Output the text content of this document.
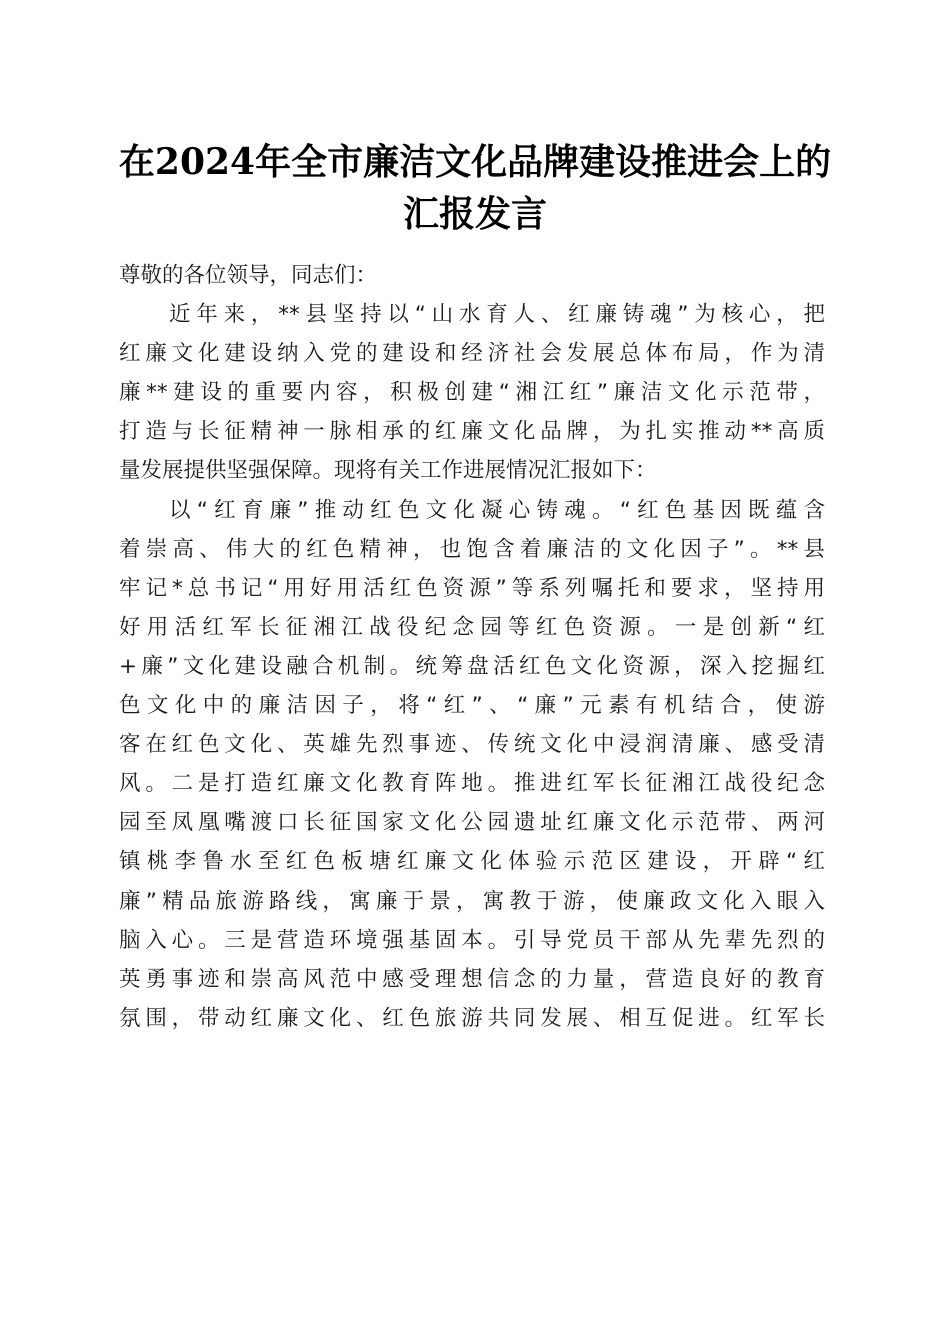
在2024年全市廉洁文化品牌建设推进会上的
汇报发言
尊敬的各位领导，同志们：
近年来，**县坚持以“山水育人、红廉铸魂”为核心，把
红廉文化建设纳入党的建设和经济社会发展总体布局，作为清
廉**建设的重要内容，积极创建“湘江红”廉洁文化示范带，
打造与长征精神一脉相承的红廉文化品牌，为扎实推动**高质
量发展提供坚强保障。现将有关工作进展情况汇报如下：
以“红育廉”推动红色文化凝心铸魂。“红色基因既蕴含
着崇高、伟大的红色精神，也饱含着廉洁的文化因子”。**县
牢记*总书记“用好用活红色资源”等系列嘱托和要求，坚持用
好用活红军长征湘江战役纪念园等红色资源。一是创新“红
+廉”文化建设融合机制。统筹盘活红色文化资源，深入挖掘红
色文化中的廉洁因子，将“红”、“廉”元素有机结合，使游
客在红色文化、英雄先烈事迹、传统文化中浸润清廉、感受清
风。二是打造红廉文化教育阵地。推进红军长征湘江战役纪念
园至凤凰嘴渡口长征国家文化公园遗址红廉文化示范带、两河
镇桃李鲁水至红色板塘红廉文化体验示范区建设，开辟“红
廉”精品旅游路线，寓廉于景，寓教于游，使廉政文化入眼入
脑入心。三是营造环境强基固本。引导党员干部从先辈先烈的
英勇事迹和崇高风范中感受理想信念的力量，营造良好的教育
氛围，带动红廉文化、红色旅游共同发展、相互促进。红军长
